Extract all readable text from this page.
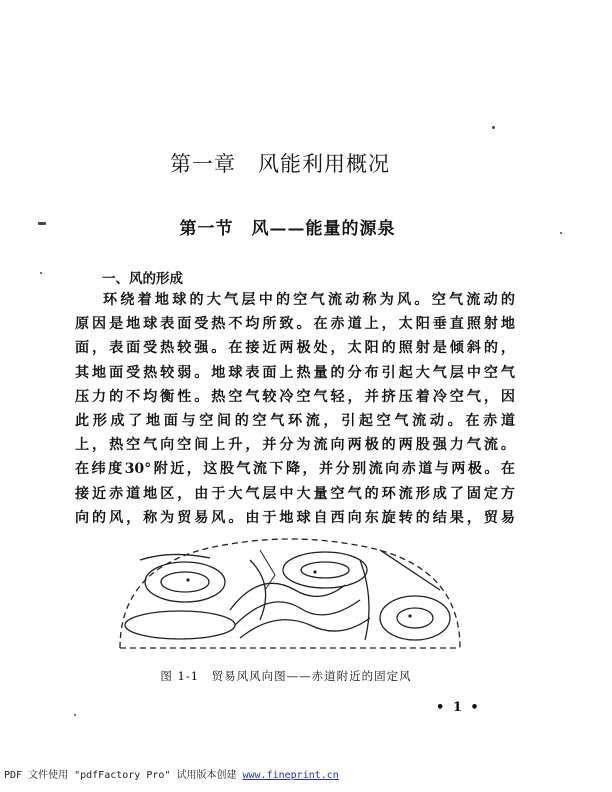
第一章　风能利用概况
第一节　风——能量的源泉
一、风的形成
环绕着地球的大气层中的空气流动称为风。空气流动的
原因是地球表面受热不均所致。在赤道上，太阳垂直照射地
面，表面受热较强。在接近两极处，太阳的照射是倾斜的，
其地面受热较弱。地球表面上热量的分布引起大气层中空气
压力的不均衡性。热空气较冷空气轻，并挤压着冷空气，因
此形成了地面与空间的空气环流，引起空气流动。在赤道
上，热空气向空间上升，并分为流向两极的两股强力气流。
在纬度30°附近，这股气流下降，并分别流向赤道与两极。在
接近赤道地区，由于大气层中大量空气的环流形成了固定方
向的风，称为贸易风。由于地球自西向东旋转的结果，贸易
图 1-1　贸易风风向图——赤道附近的固定风
• 1 •
PDF 文件使用 "pdfFactory Pro" 试用版本创建 www.fineprint.cn
